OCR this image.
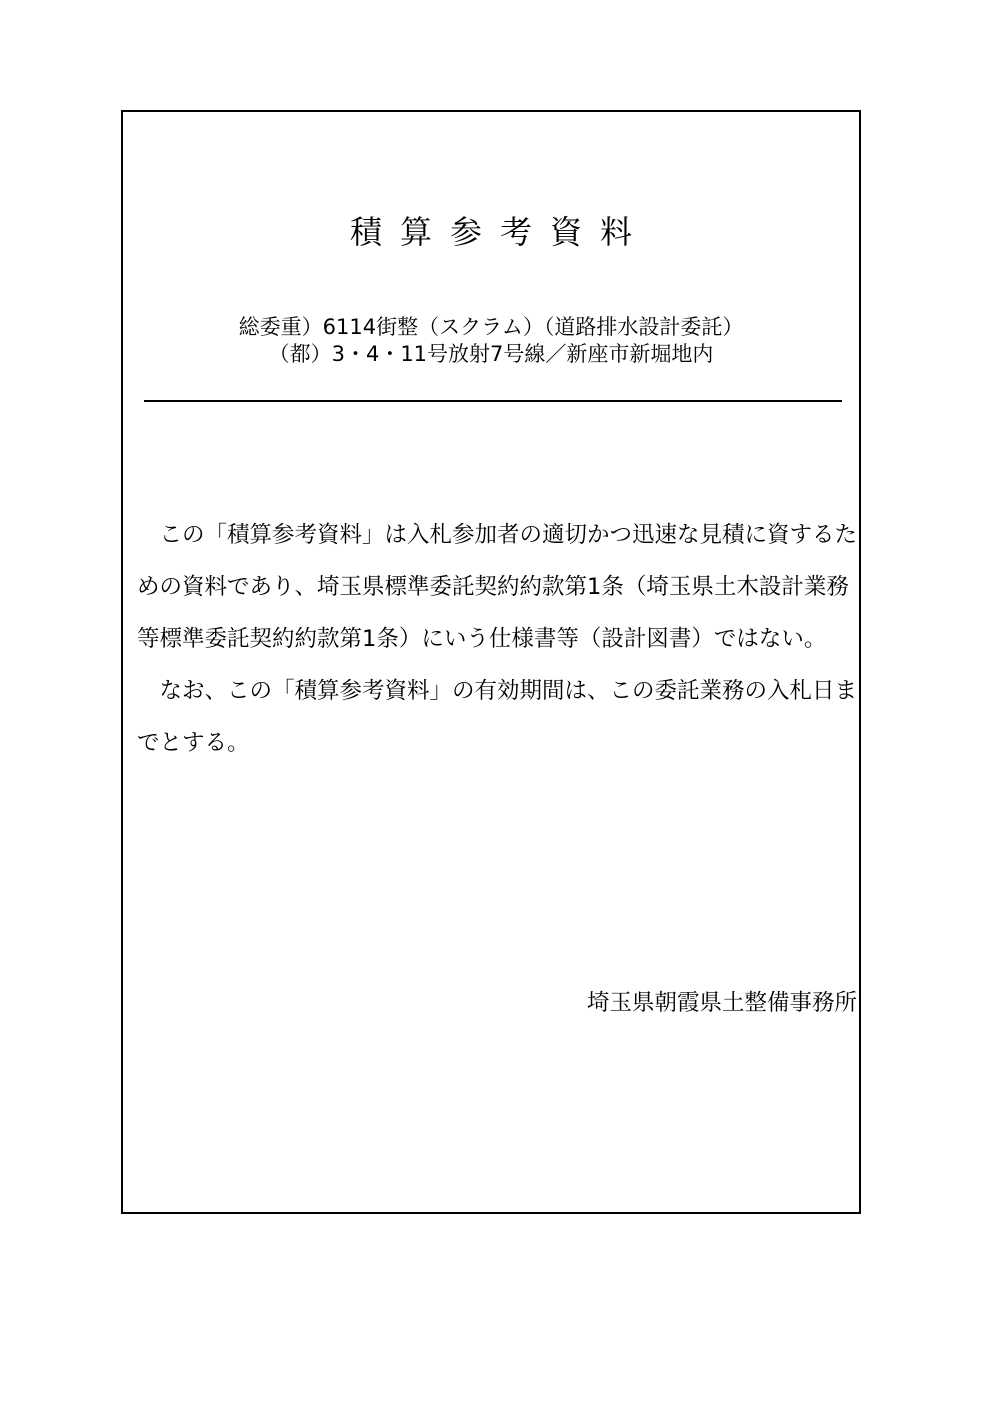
積算参考資料
総委重）6114街整（スクラム）（道路排水設計委託）
（都）3・4・11号放射7号線／新座市新堀地内

この「積算参考資料」は入札参加者の適切かつ迅速な見積に資するための資料であり、埼玉県標準委託契約約款第1条（埼玉県土木設計業務等標準委託契約約款第1条）にいう仕様書等（設計図書）ではない。

なお、この「積算参考資料」の有効期間は、この委託業務の入札日までとする。

埼玉県朝霞県土整備事務所
